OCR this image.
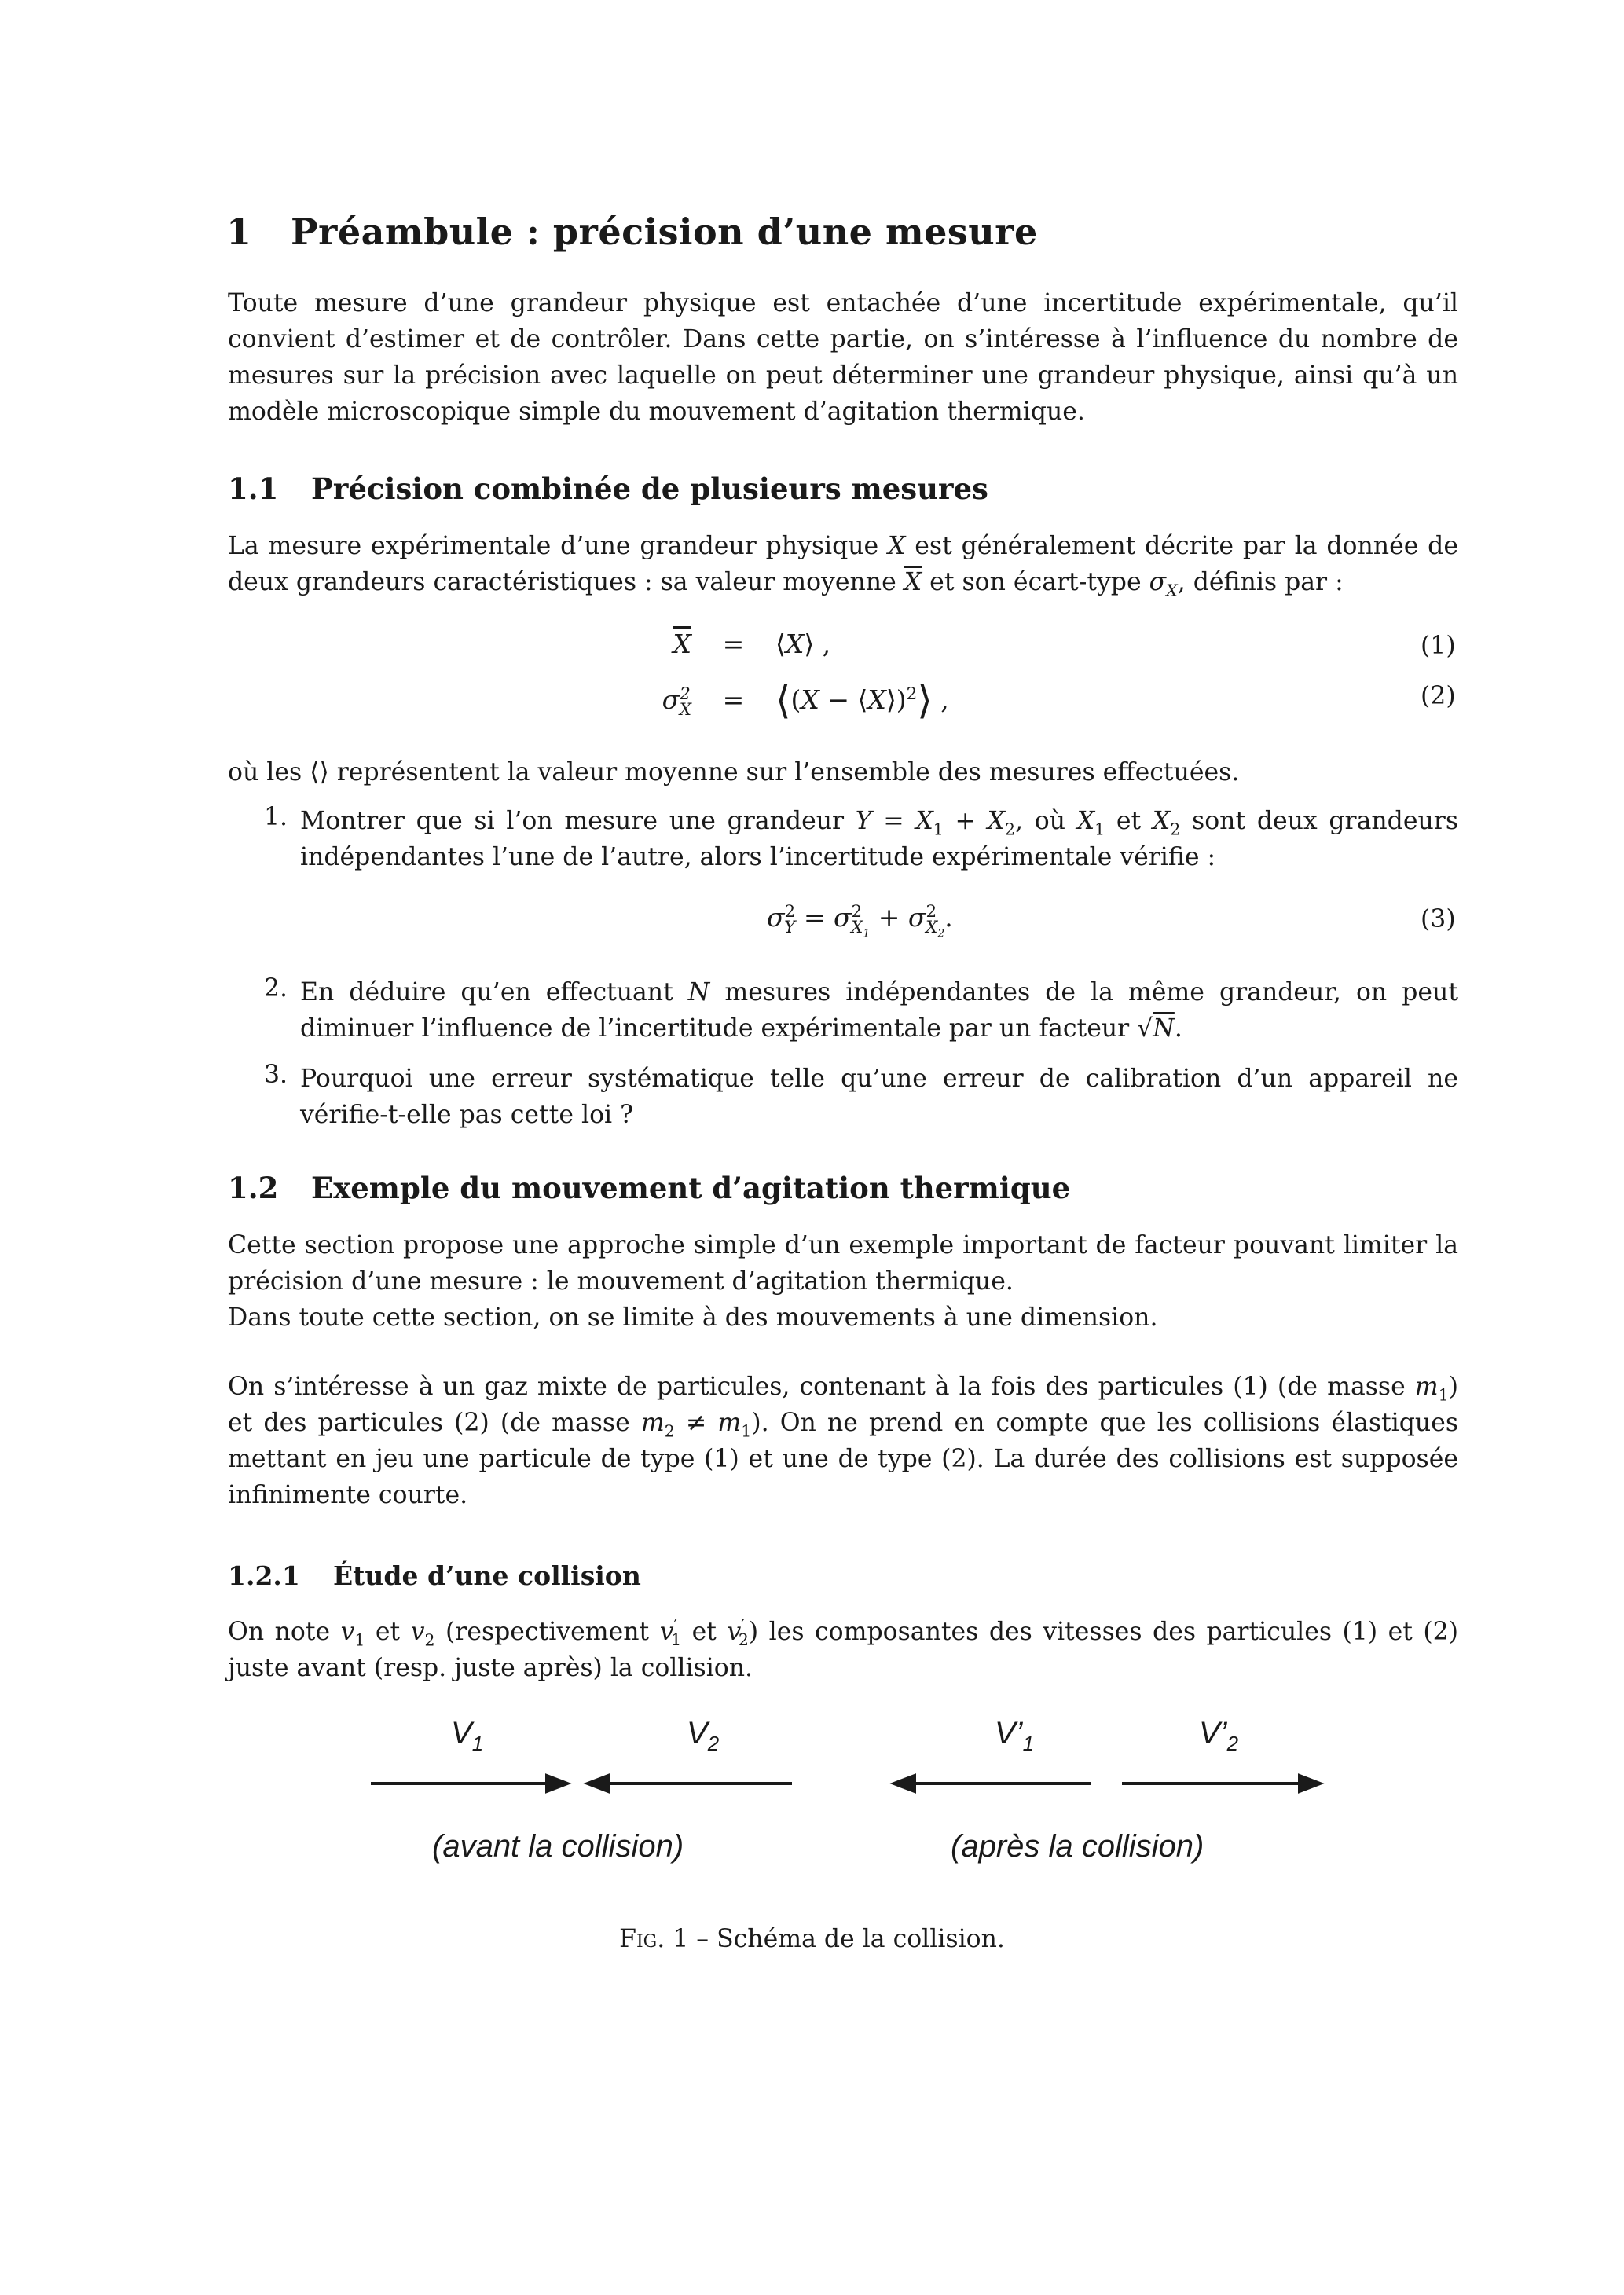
1 Préambule : précision d’une mesure

Toute mesure d’une grandeur physique est entachée d’une incertitude expérimentale, qu’il convient d’estimer et de contrôler. Dans cette partie, on s’intéresse à l’influence du nombre de mesures sur la précision avec laquelle on peut déterminer une grandeur physique, ainsi qu’à un modèle microscopique simple du mouvement d’agitation thermique.

1.1 Précision combinée de plusieurs mesures

La mesure expérimentale d’une grandeur physique X est généralement décrite par la donnée de deux grandeurs caractéristiques : sa valeur moyenne $\overline{X}$ et son écart-type $\sigma_X$, définis par :

$\overline{X}$ = ⟨X⟩ ,	(1)
$\sigma^2_X$ = ⟨(X − ⟨X⟩)$^2$⟩ ,	(2)

où les ⟨⟩ représentent la valeur moyenne sur l’ensemble des mesures effectuées.

1. Montrer que si l’on mesure une grandeur $Y = X_1 + X_2$, où $X_1$ et $X_2$ sont deux grandeurs indépendantes l’une de l’autre, alors l’incertitude expérimentale vérifie :

$\sigma^2_Y = \sigma^2_{X_1} + \sigma^2_{X_2}$.	(3)
2. En déduire qu’en effectuant N mesures indépendantes de la même grandeur, on peut diminuer l’influence de l’incertitude expérimentale par un facteur √N.

3. Pourquoi une erreur systématique telle qu’une erreur de calibration d’un appareil ne vérifie-t-elle pas cette loi ?

1.2 Exemple du mouvement d’agitation thermique

Cette section propose une approche simple d’un exemple important de facteur pouvant limiter la précision d’une mesure : le mouvement d’agitation thermique.

Dans toute cette section, on se limite à des mouvements à une dimension.

On s’intéresse à un gaz mixte de particules, contenant à la fois des particules (1) (de masse $m_1$) et des particules (2) (de masse $m_2 \ne m_1$). On ne prend en compte que les collisions élastiques mettant en jeu une particule de type (1) et une de type (2). La durée des collisions est supposée infinimente courte.

1.2.1 Étude d’une collision

On note $v_1$ et $v_2$ (respectivement $v'_1$ et $v'_2$) les composantes des vitesses des particules (1) et (2) juste avant (resp. juste après) la collision.

$V_1$	$V_2$	$V’_1$	$V’_2$
(avant la collision)	(après la collision)
Fig. 1 – Schéma de la collision.
